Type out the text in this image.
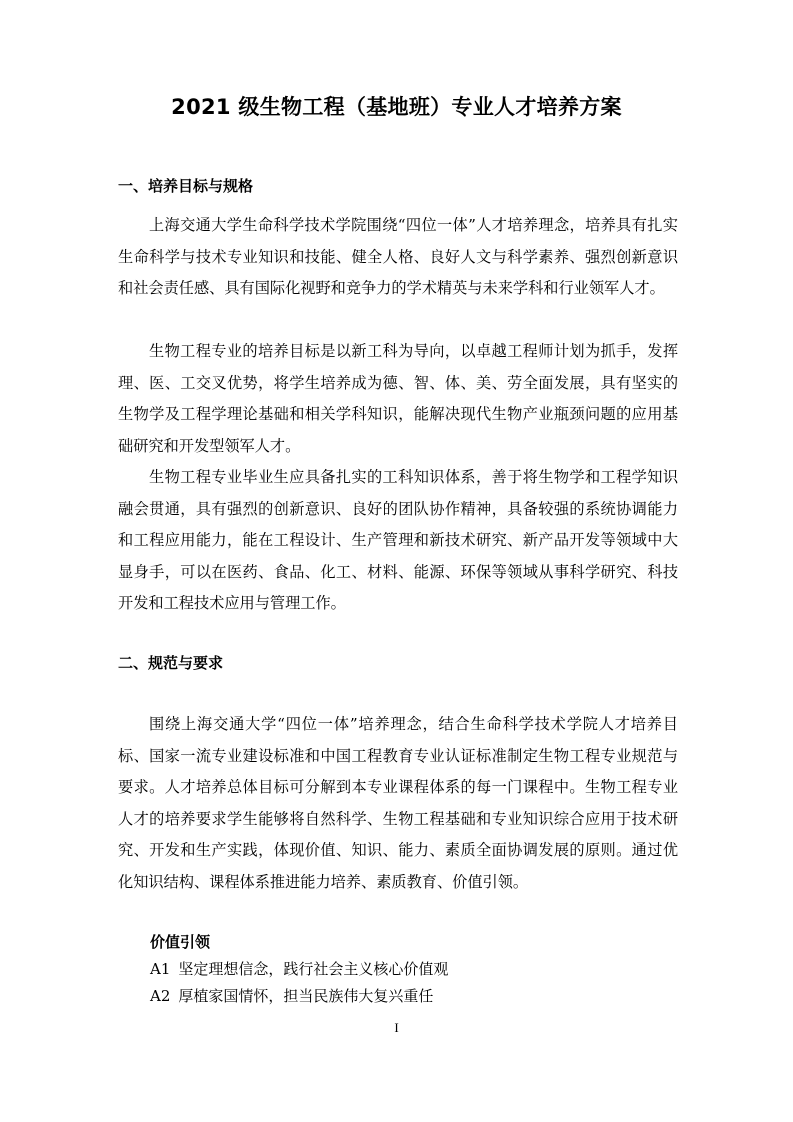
2021 级生物工程（基地班）专业人才培养方案
一、培养目标与规格

上海交通大学生命科学技术学院围绕“四位一体”人才培养理念，培养具有扎实生命科学与技术专业知识和技能、健全人格、良好人文与科学素养、强烈创新意识和社会责任感、具有国际化视野和竞争力的学术精英与未来学科和行业领军人才。

生物工程专业的培养目标是以新工科为导向，以卓越工程师计划为抓手，发挥理、医、工交叉优势，将学生培养成为德、智、体、美、劳全面发展，具有坚实的生物学及工程学理论基础和相关学科知识，能解决现代生物产业瓶颈问题的应用基础研究和开发型领军人才。

生物工程专业毕业生应具备扎实的工科知识体系，善于将生物学和工程学知识融会贯通，具有强烈的创新意识、良好的团队协作精神，具备较强的系统协调能力和工程应用能力，能在工程设计、生产管理和新技术研究、新产品开发等领域中大显身手，可以在医药、食品、化工、材料、能源、环保等领域从事科学研究、科技开发和工程技术应用与管理工作。

二、规范与要求

围绕上海交通大学“四位一体”培养理念，结合生命科学技术学院人才培养目标、国家一流专业建设标准和中国工程教育专业认证标准制定生物工程专业规范与要求。人才培养总体目标可分解到本专业课程体系的每一门课程中。生物工程专业人才的培养要求学生能够将自然科学、生物工程基础和专业知识综合应用于技术研究、开发和生产实践，体现价值、知识、能力、素质全面协调发展的原则。通过优化知识结构、课程体系推进能力培养、素质教育、价值引领。

价值引领
A1 坚定理想信念，践行社会主义核心价值观
A2 厚植家国情怀，担当民族伟大复兴重任
I
